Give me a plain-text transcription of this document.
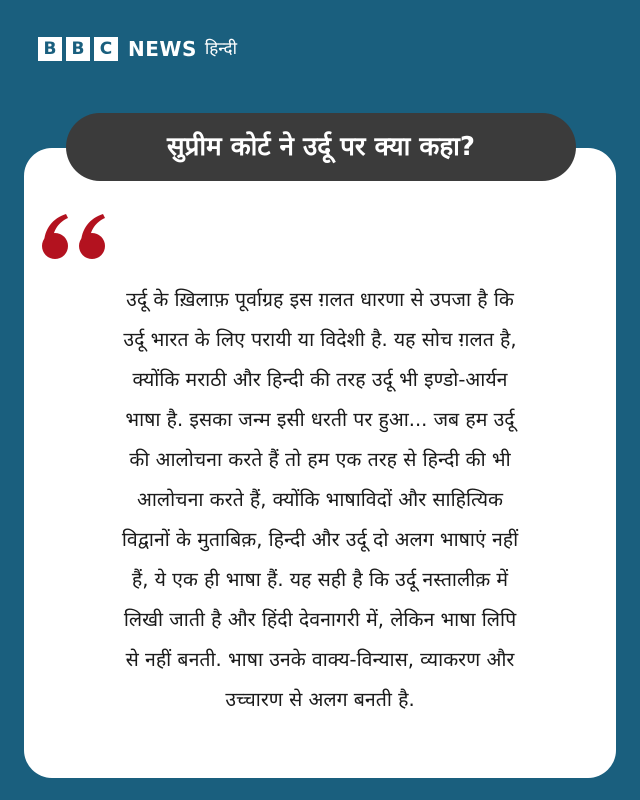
B B C NEWS हिन्दी
सुप्रीम कोर्ट ने उर्दू पर क्या कहा?
उर्दू के ख़िलाफ़ पूर्वाग्रह इस ग़लत धारणा से उपजा है कि
उर्दू भारत के लिए परायी या विदेशी है. यह सोच ग़लत है,
क्योंकि मराठी और हिन्दी की तरह उर्दू भी इण्डो-आर्यन
भाषा है. इसका जन्म इसी धरती पर हुआ... जब हम उर्दू
की आलोचना करते हैं तो हम एक तरह से हिन्दी की भी
आलोचना करते हैं, क्योंकि भाषाविदों और साहित्यिक
विद्वानों के मुताबिक़, हिन्दी और उर्दू दो अलग भाषाएं नहीं
हैं, ये एक ही भाषा हैं. यह सही है कि उर्दू नस्तालीक़ में
लिखी जाती है और हिंदी देवनागरी में, लेकिन भाषा लिपि
से नहीं बनती. भाषा उनके वाक्य-विन्यास, व्याकरण और
उच्चारण से अलग बनती है.
